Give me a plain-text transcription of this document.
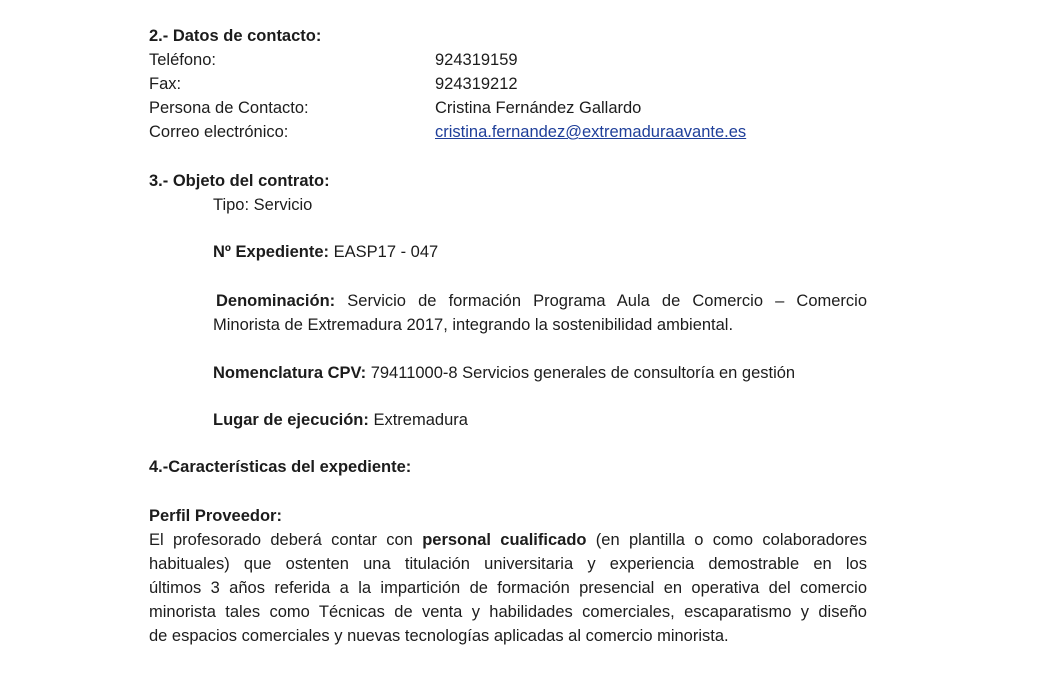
2.- Datos de contacto:
Teléfono:	924319159
Fax:	924319212
Persona de Contacto:	Cristina Fernández Gallardo
Correo electrónico:	cristina.fernandez@extremaduraavante.es
3.- Objeto del contrato:
Tipo: Servicio
Nº Expediente: EASP17 - 047
Denominación: Servicio de formación Programa Aula de Comercio – Comercio
Minorista de Extremadura 2017, integrando la sostenibilidad ambiental.
Nomenclatura CPV: 79411000-8 Servicios generales de consultoría en gestión
Lugar de ejecución: Extremadura
4.-Características del expediente:
Perfil Proveedor:
El profesorado deberá contar con personal cualificado (en plantilla o como colaboradores
habituales) que ostenten una titulación universitaria y experiencia demostrable en los
últimos 3 años referida a la impartición de formación presencial en operativa del comercio
minorista tales como Técnicas de venta y habilidades comerciales, escaparatismo y diseño
de espacios comerciales y nuevas tecnologías aplicadas al comercio minorista.
